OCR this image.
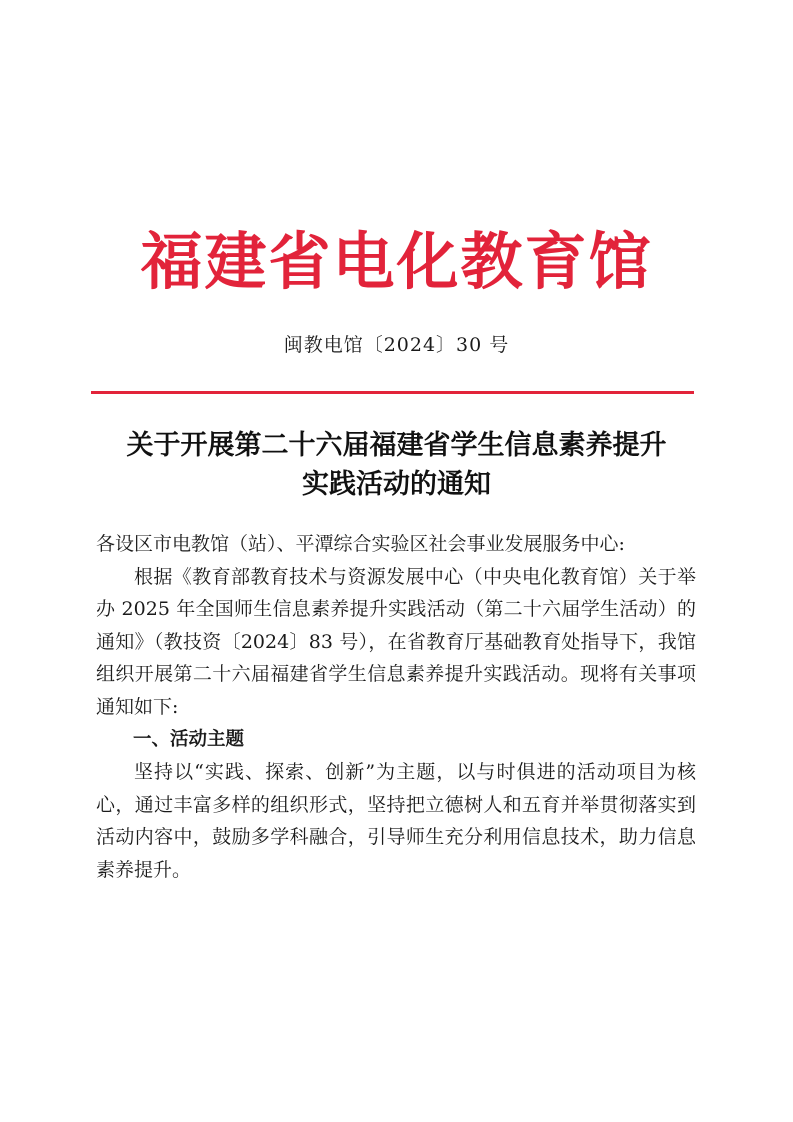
福建省电化教育馆
闽教电馆〔2024〕30 号
关于开展第二十六届福建省学生信息素养提升
实践活动的通知

各设区市电教馆（站）、平潭综合实验区社会事业发展服务中心:

根据《教育部教育技术与资源发展中心（中央电化教育馆）关于举办 2025 年全国师生信息素养提升实践活动（第二十六届学生活动）的通知》（教技资〔2024〕83 号），在省教育厅基础教育处指导下，我馆组织开展第二十六届福建省学生信息素养提升实践活动。现将有关事项通知如下:

一、活动主题

坚持以“实践、探索、创新”为主题，以与时俱进的活动项目为核心，通过丰富多样的组织形式，坚持把立德树人和五育并举贯彻落实到活动内容中，鼓励多学科融合，引导师生充分利用信息技术，助力信息素养提升。
